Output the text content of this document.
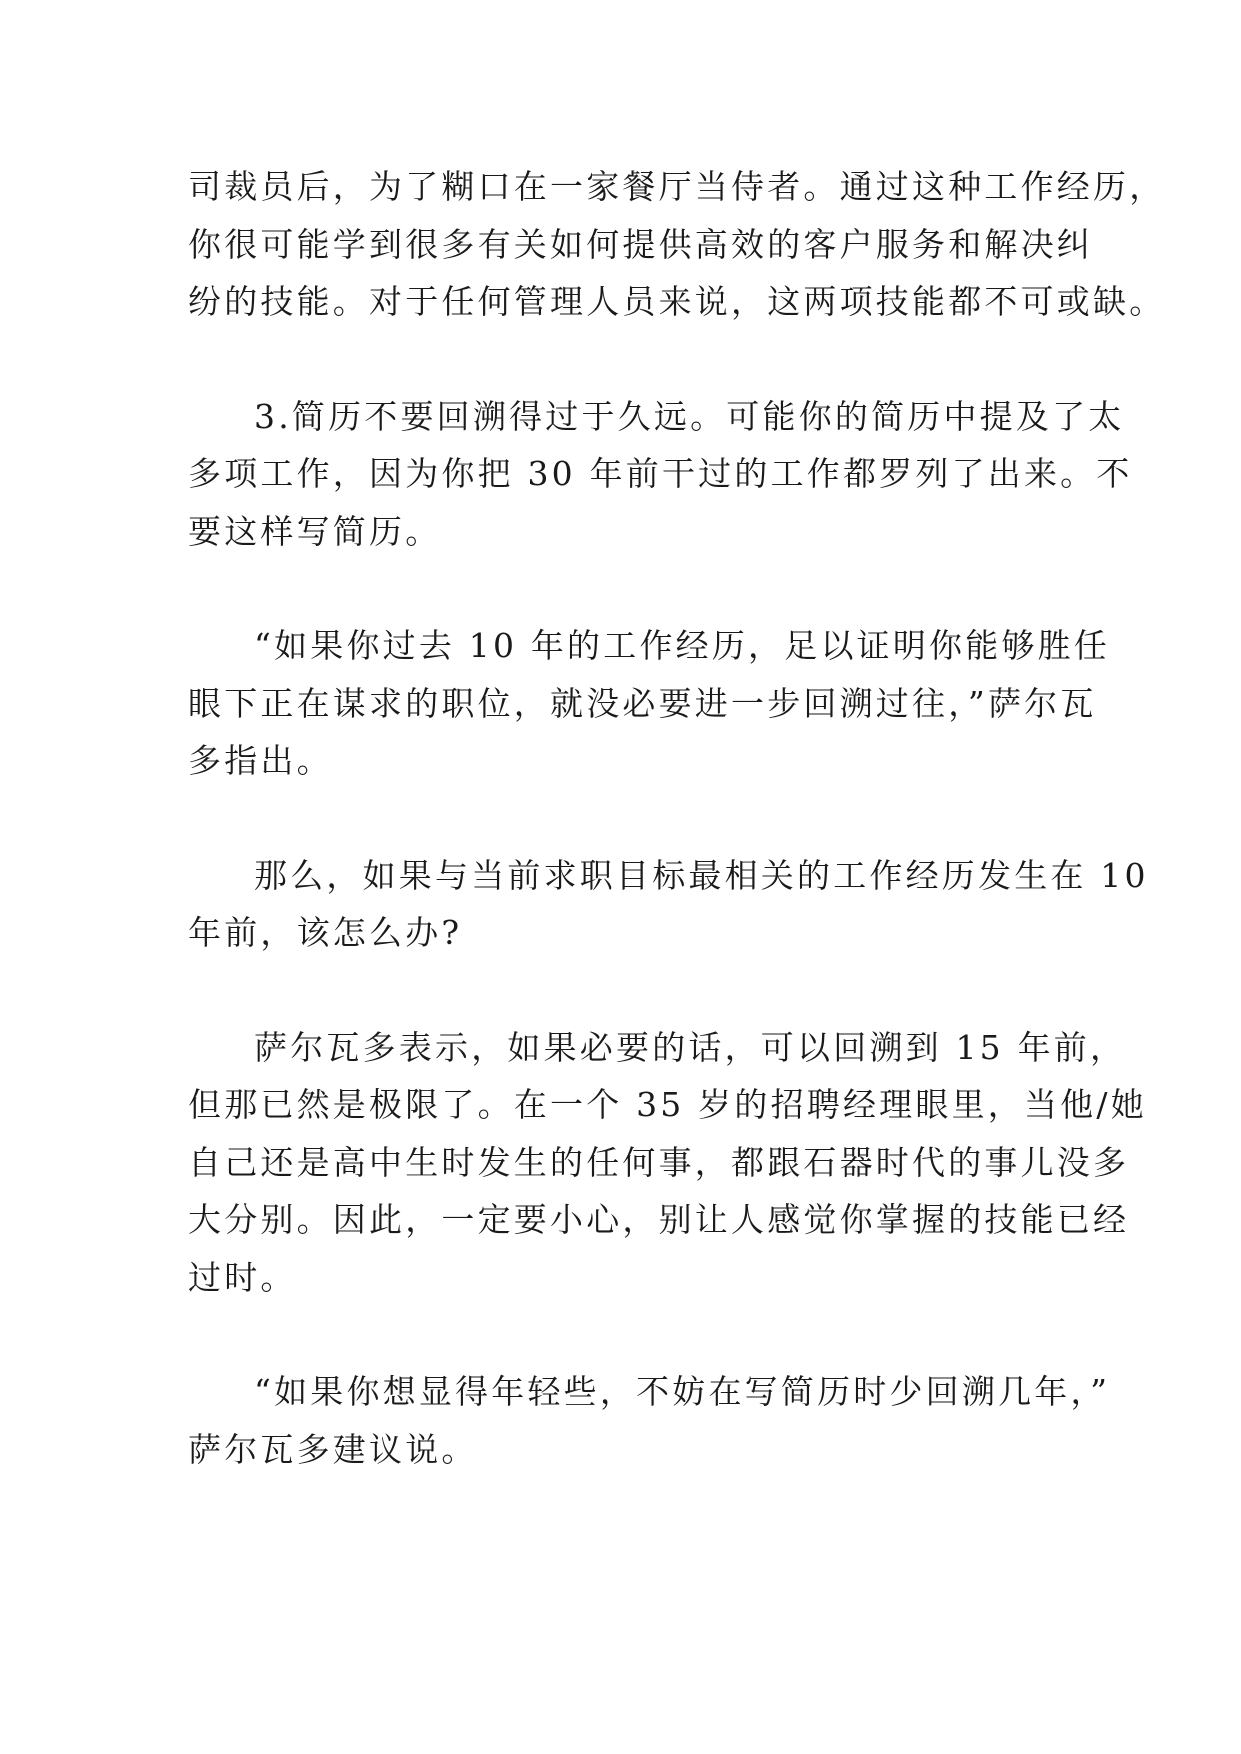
司裁员后，为了糊口在一家餐厅当侍者。通过这种工作经历，
你很可能学到很多有关如何提供高效的客户服务和解决纠
纷的技能。对于任何管理人员来说，这两项技能都不可或缺。

3.简历不要回溯得过于久远。可能你的简历中提及了太
多项工作，因为你把 30 年前干过的工作都罗列了出来。不
要这样写简历。

“如果你过去 10 年的工作经历，足以证明你能够胜任
眼下正在谋求的职位，就没必要进一步回溯过往，”萨尔瓦
多指出。

那么，如果与当前求职目标最相关的工作经历发生在 10
年前，该怎么办?

萨尔瓦多表示，如果必要的话，可以回溯到 15 年前，
但那已然是极限了。在一个 35 岁的招聘经理眼里，当他/她
自己还是高中生时发生的任何事，都跟石器时代的事儿没多
大分别。因此，一定要小心，别让人感觉你掌握的技能已经
过时。

“如果你想显得年轻些，不妨在写简历时少回溯几年，”
萨尔瓦多建议说。
